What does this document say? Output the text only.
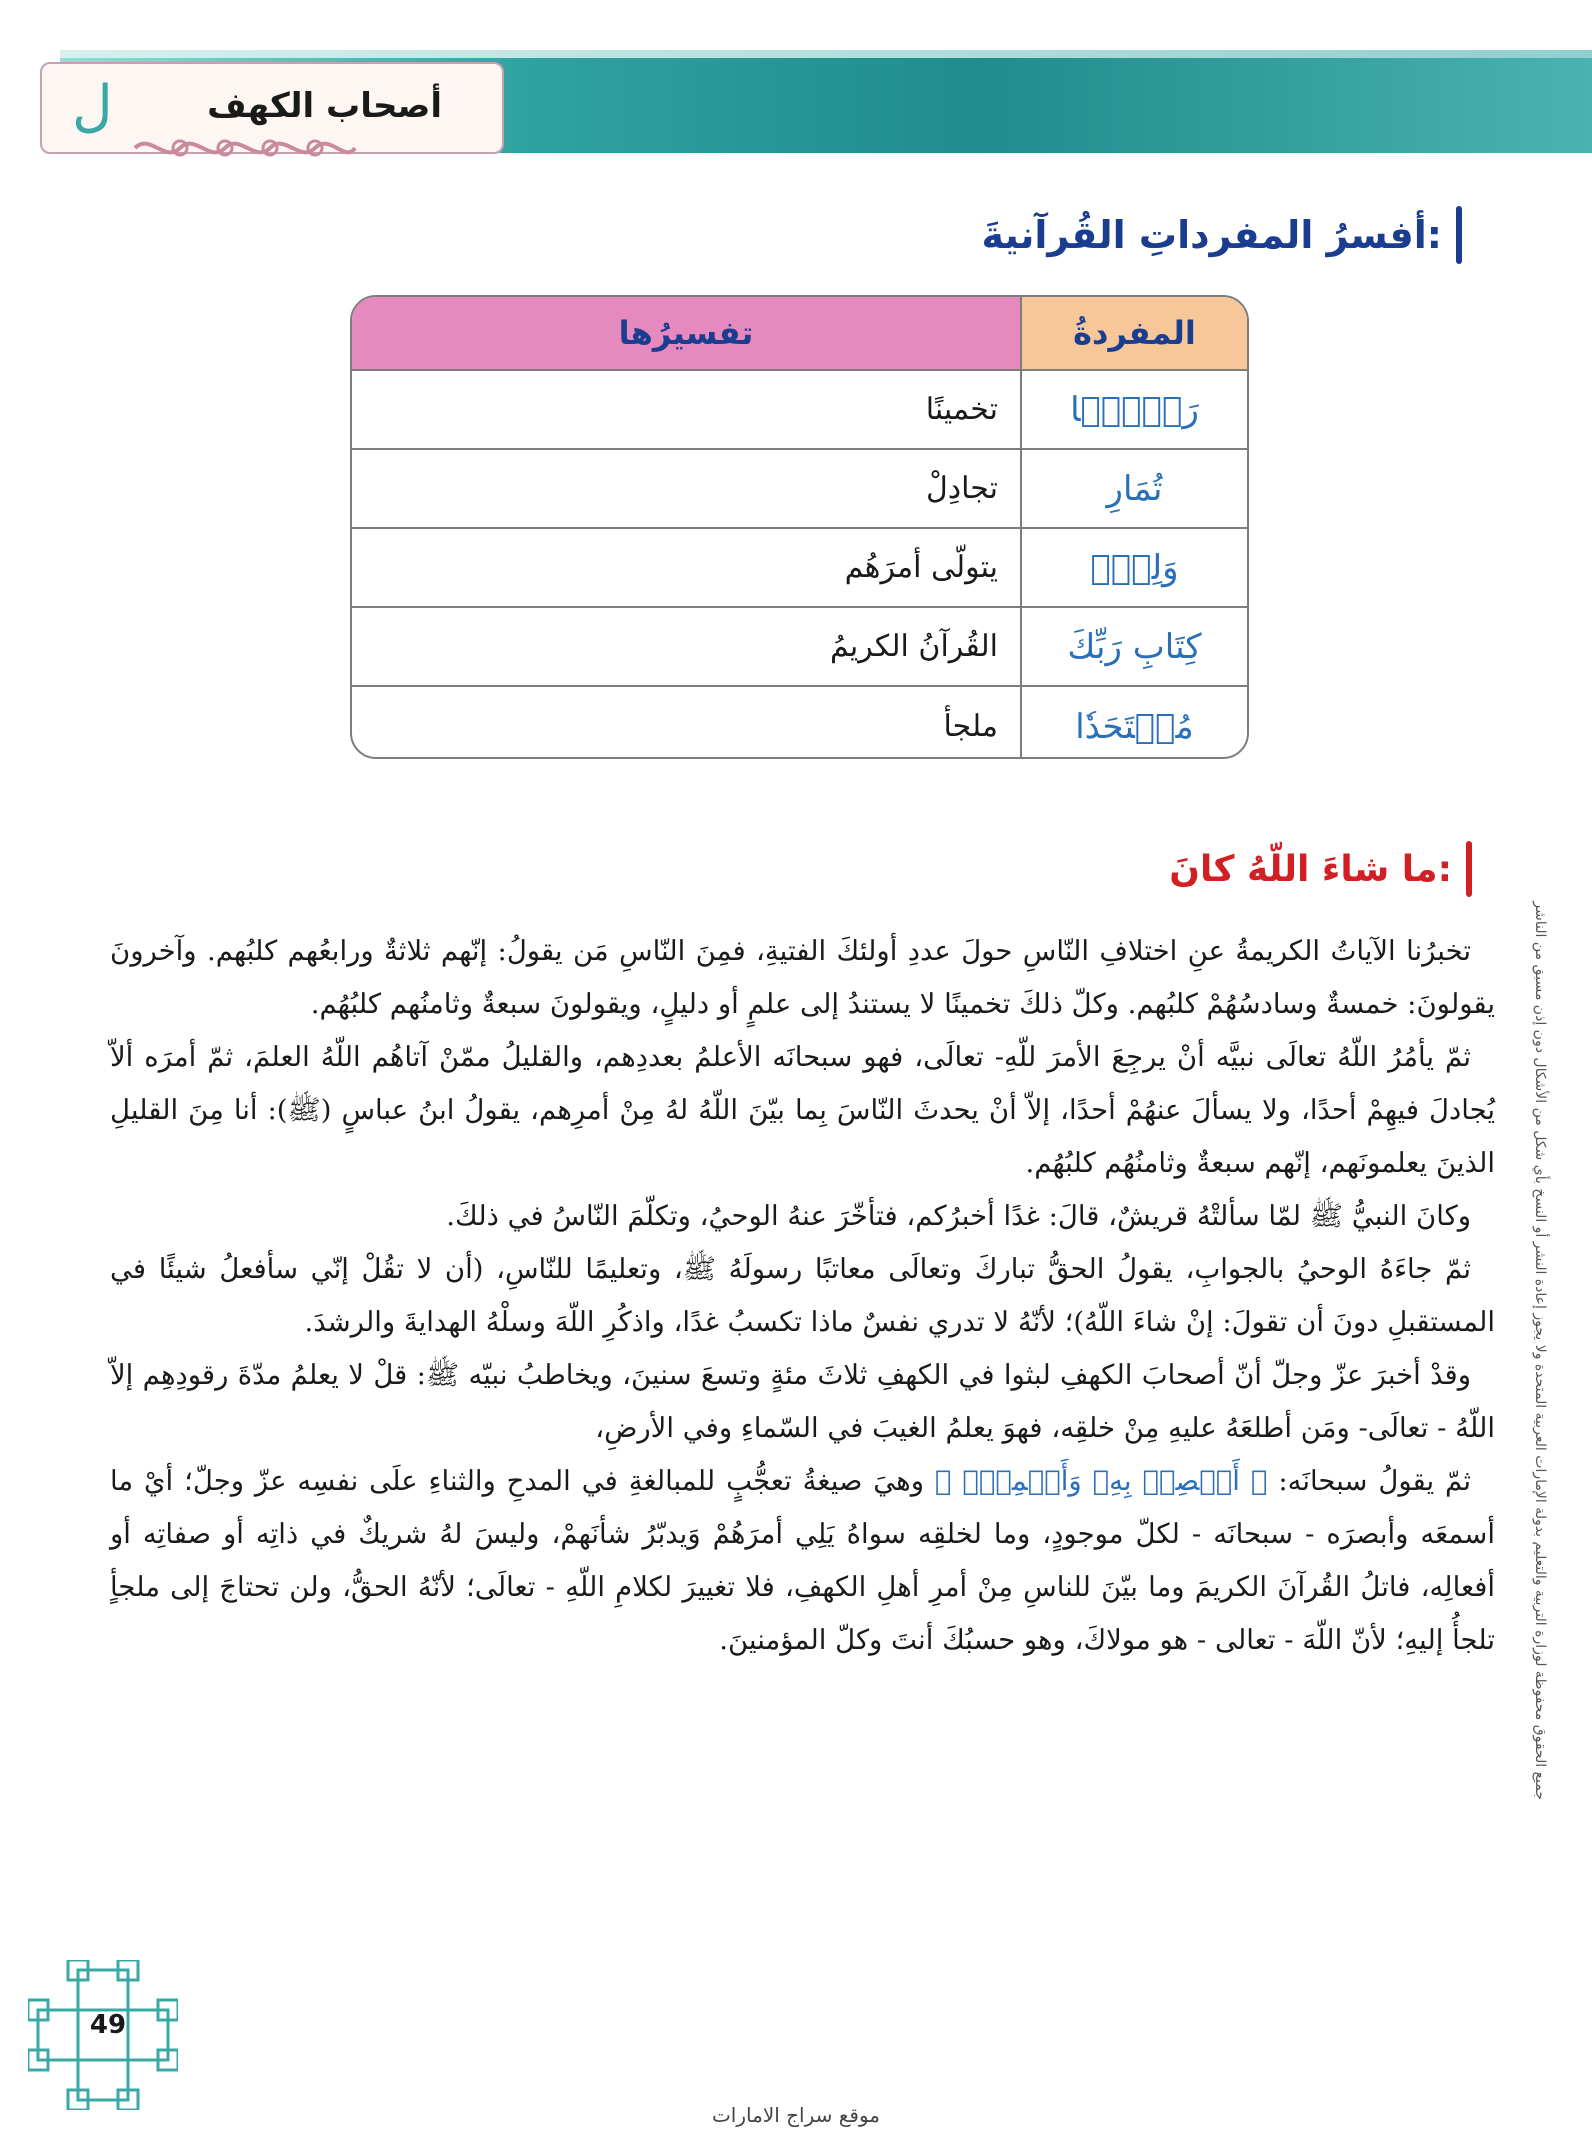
ل	أصحاب الكهف
أفسرُ المفرداتِ القُرآنيةَ:
تفسيرُها	المفردةُ
تخمينًا	رَجۡمَۢا
تجادِلْ	تُمَارِ
يتولّى أمرَهُم	وَلِيّٖ
القُرآنُ الكريمُ	كِتَابِ رَبِّكَ
ملجأ	مُلۡتَحَدٗا
ما شاءَ اللّهُ كانَ:

تخبرُنا الآياتُ الكريمةُ عنِ اختلافِ النّاسِ حولَ عددِ أولئكَ الفتيةِ، فمِنَ النّاسِ مَن يقولُ: إنّهم ثلاثةٌ ورابعُهم كلبُهم. وآخرونَ يقولونَ: خمسةٌ وسادسُهُمْ كلبُهم. وكلّ ذلكَ تخمينًا لا يستندُ إلى علمٍ أو دليلٍ، ويقولونَ سبعةٌ وثامنُهم كلبُهُم.

ثمّ يأمُرُ اللّهُ تعالَى نبيَّه أنْ يرجِعَ الأمرَ للّهِ- تعالَى، فهو سبحانَه الأعلمُ بعددِهم، والقليلُ ممّنْ آتاهُم اللّهُ العلمَ، ثمّ أمرَه ألاّ يُجادلَ فيهِمْ أحدًا، ولا يسألَ عنهُمْ أحدًا، إلاّ أنْ يحدثَ النّاسَ بِما بيّنَ اللّهُ لهُ مِنْ أمرِهم، يقولُ ابنُ عباسٍ (ﷺ): أنا مِنَ القليلِ الذينَ يعلمونَهم، إنّهم سبعةٌ وثامنُهُم كلبُهُم.

وكانَ النبيُّ ﷺ لمّا سألتْهُ قريشٌ، قالَ: غدًا أخبرُكم، فتأخّرَ عنهُ الوحيُ، وتكلّمَ النّاسُ في ذلكَ.

ثمّ جاءَهُ الوحيُ بالجوابِ، يقولُ الحقُّ تباركَ وتعالَى معاتبًا رسولَهُ ﷺ، وتعليمًا للنّاسِ، (أن لا تقُلْ إنّي سأفعلُ شيئًا في المستقبلِ دونَ أن تقولَ: إنْ شاءَ اللّهُ)؛ لأنّهُ لا تدري نفسٌ ماذا تكسبُ غدًا، واذكُرِ اللّهَ وسلْهُ الهدايةَ والرشدَ.

وقدْ أخبرَ عزّ وجلّ أنّ أصحابَ الكهفِ لبثوا في الكهفِ ثلاثَ مئةٍ وتسعَ سنينَ، ويخاطبُ نبيّه ﷺ: قلْ لا يعلمُ مدّةَ رقودِهِم إلاّ اللّهُ - تعالَى- ومَن أطلعَهُ عليهِ مِنْ خلقِه، فهوَ يعلمُ الغيبَ في السّماءِ وفي الأرضِ،

ثمّ يقولُ سبحانَه: ﴿ أَبۡصِرۡ بِهِۦ وَأَسۡمِعۡۚ ﴾ وهيَ صيغةُ تعجُّبٍ للمبالغةِ في المدحِ والثناءِ علَى نفسِه عزّ وجلّ؛ أيْ ما أسمعَه وأبصرَه - سبحانَه - لكلّ موجودٍ، وما لخلقِه سواهُ يَلِي أمرَهُمْ وَيدبّرُ شأنَهمْ، وليسَ لهُ شريكٌ في ذاتِه أو صفاتِه أو أفعالِه، فاتلُ القُرآنَ الكريمَ وما بيّنَ للناسِ مِنْ أمرِ أهلِ الكهفِ، فلا تغييرَ لكلامِ اللّهِ - تعالَى؛ لأنّهُ الحقُّ، ولن تحتاجَ إلى ملجأٍ تلجأُ إليهِ؛ لأنّ اللّهَ - تعالى - هو مولاكَ، وهو حسبُكَ أنتَ وكلّ المؤمنينَ.	جميع الحقوق محفوظة لوزارة التربية والتعليم بدولة الإمارات العربية المتحدة ولا يجوز إعادة النشر أو النسخ بأي شكل من الأشكال دون إذن مسبق من الناشر
49
موقع سراج الامارات
